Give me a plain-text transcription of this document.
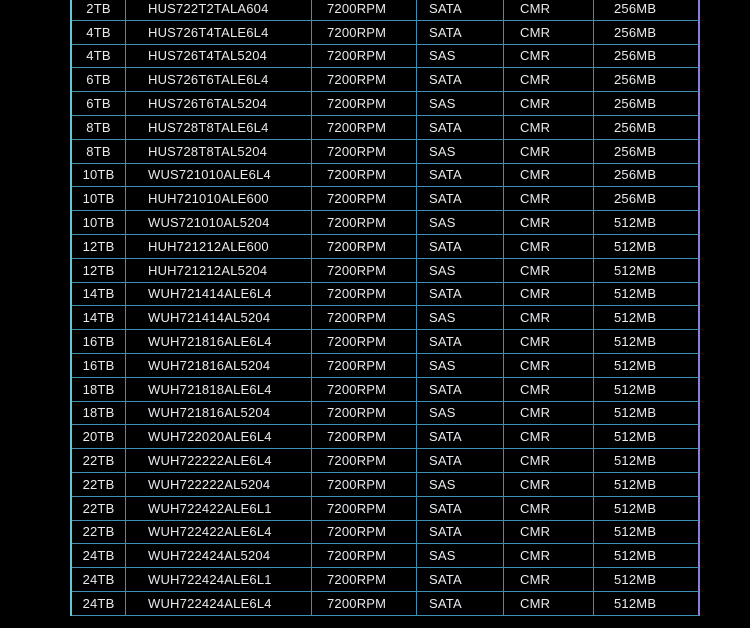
2TB	HUS722T2TALA604	7200RPM	SATA	CMR	256MB	
4TB	HUS726T4TALE6L4	7200RPM	SATA	CMR	256MB	
4TB	HUS726T4TAL5204	7200RPM	SAS	CMR	256MB	
6TB	HUS726T6TALE6L4	7200RPM	SATA	CMR	256MB	
6TB	HUS726T6TAL5204	7200RPM	SAS	CMR	256MB	
8TB	HUS728T8TALE6L4	7200RPM	SATA	CMR	256MB	
8TB	HUS728T8TAL5204	7200RPM	SAS	CMR	256MB	
10TB	WUS721010ALE6L4	7200RPM	SATA	CMR	256MB	
10TB	HUH721010ALE600	7200RPM	SATA	CMR	256MB	
10TB	WUS721010AL5204	7200RPM	SAS	CMR	512MB	
12TB	HUH721212ALE600	7200RPM	SATA	CMR	512MB	
12TB	HUH721212AL5204	7200RPM	SAS	CMR	512MB	
14TB	WUH721414ALE6L4	7200RPM	SATA	CMR	512MB	
14TB	WUH721414AL5204	7200RPM	SAS	CMR	512MB	
16TB	WUH721816ALE6L4	7200RPM	SATA	CMR	512MB	
16TB	WUH721816AL5204	7200RPM	SAS	CMR	512MB	
18TB	WUH721818ALE6L4	7200RPM	SATA	CMR	512MB	
18TB	WUH721816AL5204	7200RPM	SAS	CMR	512MB	
20TB	WUH722020ALE6L4	7200RPM	SATA	CMR	512MB	
22TB	WUH722222ALE6L4	7200RPM	SATA	CMR	512MB	
22TB	WUH722222AL5204	7200RPM	SAS	CMR	512MB	
22TB	WUH722422ALE6L1	7200RPM	SATA	CMR	512MB	
22TB	WUH722422ALE6L4	7200RPM	SATA	CMR	512MB	
24TB	WUH722424AL5204	7200RPM	SAS	CMR	512MB	
24TB	WUH722424ALE6L1	7200RPM	SATA	CMR	512MB	
24TB	WUH722424ALE6L4	7200RPM	SATA	CMR	512MB	
